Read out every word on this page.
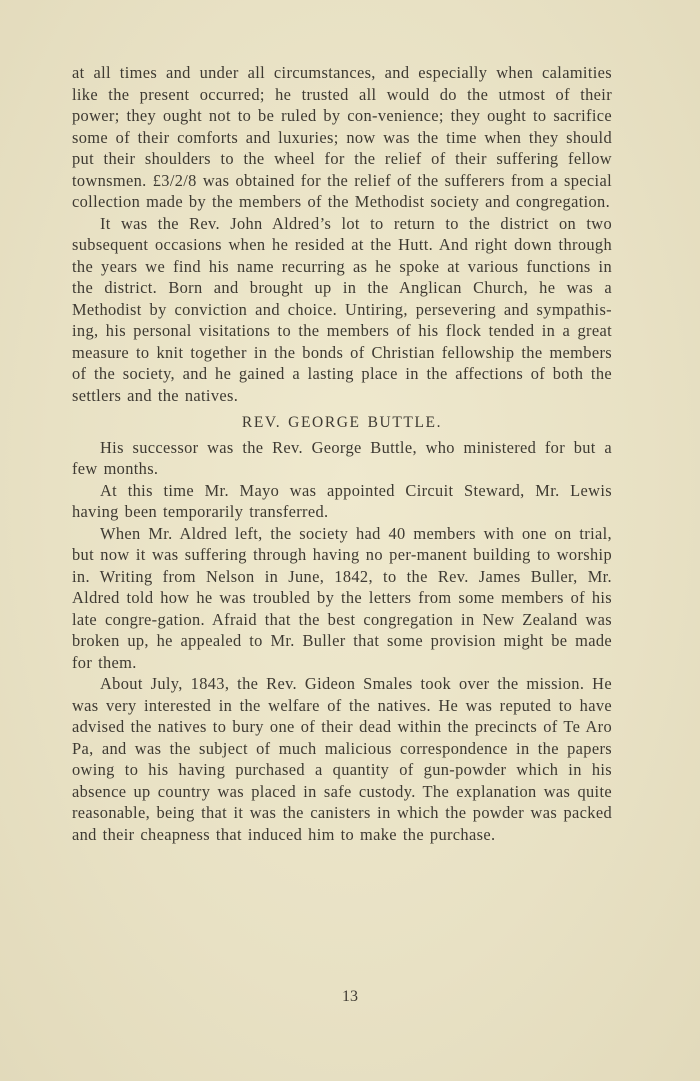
at all times and under all circumstances, and especially when calamities like the present occurred; he trusted all would do the utmost of their power; they ought not to be ruled by con-venience; they ought to sacrifice some of their comforts and luxuries; now was the time when they should put their shoulders to the wheel for the relief of their suffering fellow townsmen. £3/2/8 was obtained for the relief of the sufferers from a special collection made by the members of the Methodist society and congregation.

It was the Rev. John Aldred’s lot to return to the district on two subsequent occasions when he resided at the Hutt. And right down through the years we find his name recurring as he spoke at various functions in the district. Born and brought up in the Anglican Church, he was a Methodist by conviction and choice. Untiring, persevering and sympathis-ing, his personal visitations to the members of his flock tended in a great measure to knit together in the bonds of Christian fellowship the members of the society, and he gained a lasting place in the affections of both the settlers and the natives.

REV. GEORGE BUTTLE.

His successor was the Rev. George Buttle, who ministered for but a few months.

At this time Mr. Mayo was appointed Circuit Steward, Mr. Lewis having been temporarily transferred.

When Mr. Aldred left, the society had 40 members with one on trial, but now it was suffering through having no per-manent building to worship in. Writing from Nelson in June, 1842, to the Rev. James Buller, Mr. Aldred told how he was troubled by the letters from some members of his late congre-gation. Afraid that the best congregation in New Zealand was broken up, he appealed to Mr. Buller that some provision might be made for them.

About July, 1843, the Rev. Gideon Smales took over the mission. He was very interested in the welfare of the natives. He was reputed to have advised the natives to bury one of their dead within the precincts of Te Aro Pa, and was the subject of much malicious correspondence in the papers owing to his having purchased a quantity of gun-powder which in his absence up country was placed in safe custody. The explanation was quite reasonable, being that it was the canisters in which the powder was packed and their cheapness that induced him to make the purchase.

13
